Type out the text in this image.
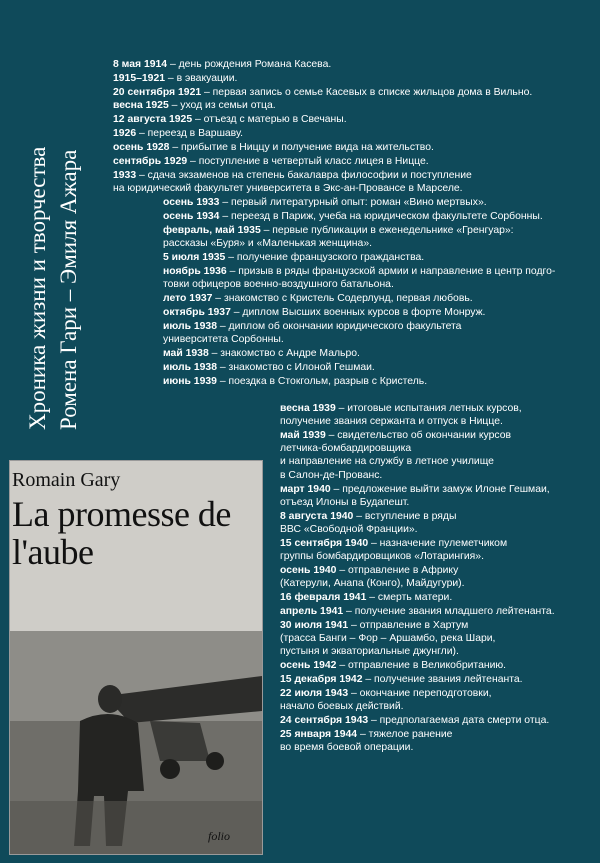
Хроника жизни и творчества Ромена Гари – Эмиля Ажара
8 мая 1914 – день рождения Романа Касева.
1915–1921 – в эвакуации.
20 сентября 1921 – первая запись о семье Касевых в списке жильцов дома в Вильно.
весна 1925 – уход из семьи отца.
12 августа 1925 – отъезд с матерью в Свечаны.
1926 – переезд в Варшаву.
осень 1928 – прибытие в Ниццу и получение вида на жительство.
сентябрь 1929 – поступление в четвертый класс лицея в Ницце.
1933 – сдача экзаменов на степень бакалавра философии и поступление
на юридический факультет университета в Экс-ан-Провансе в Марселе.
осень 1933 – первый литературный опыт: роман «Вино мертвых».
осень 1934 – переезд в Париж, учеба на юридическом факультете Сорбонны.
февраль, май 1935 – первые публикации в еженедельнике «Гренгуар»:
рассказы «Буря» и «Маленькая женщина».
5 июля 1935 – получение французского гражданства.
ноябрь 1936 – призыв в ряды французской армии и направление в центр подго-
товки офицеров военно-воздушного батальона.
лето 1937 – знакомство с Кристель Содерлунд, первая любовь.
октябрь 1937 – диплом Высших военных курсов в форте Монруж.
июль 1938 – диплом об окончании юридического факультета
университета Сорбонны.
май 1938 – знакомство с Андре Мальро.
июль 1938 – знакомство с Илоной Гешмаи.
июнь 1939 – поездка в Стокгольм, разрыв с Кристель.
весна 1939 – итоговые испытания летных курсов,
получение звания сержанта и отпуск в Ницце.
май 1939 – свидетельство об окончании курсов
летчика-бомбардировщика
и направление на службу в летное училище
в Салон-де-Прованс.
март 1940 – предложение выйти замуж Илоне Гешмаи,
отъезд Илоны в Будапешт.
8 августа 1940 – вступление в ряды
ВВС «Свободной Франции».
15 сентября 1940 – назначение пулеметчиком
группы бомбардировщиков «Лотарингия».
осень 1940 – отправление в Африку
(Катерули, Анапа (Конго), Майдугури).
16 февраля 1941 – смерть матери.
апрель 1941 – получение звания младшего лейтенанта.
30 июля 1941 – отправление в Хартум
(трасса Банги – Фор – Аршамбо, река Шари,
пустыня и экваториальные джунгли).
осень 1942 – отправление в Великобританию.
15 декабря 1942 – получение звания лейтенанта.
22 июля 1943 – окончание переподготовки,
начало боевых действий.
24 сентября 1943 – предполагаемая дата смерти отца.
25 января 1944 – тяжелое ранение
во время боевой операции.
Romain Gary
La promesse de
l'aube
folio
